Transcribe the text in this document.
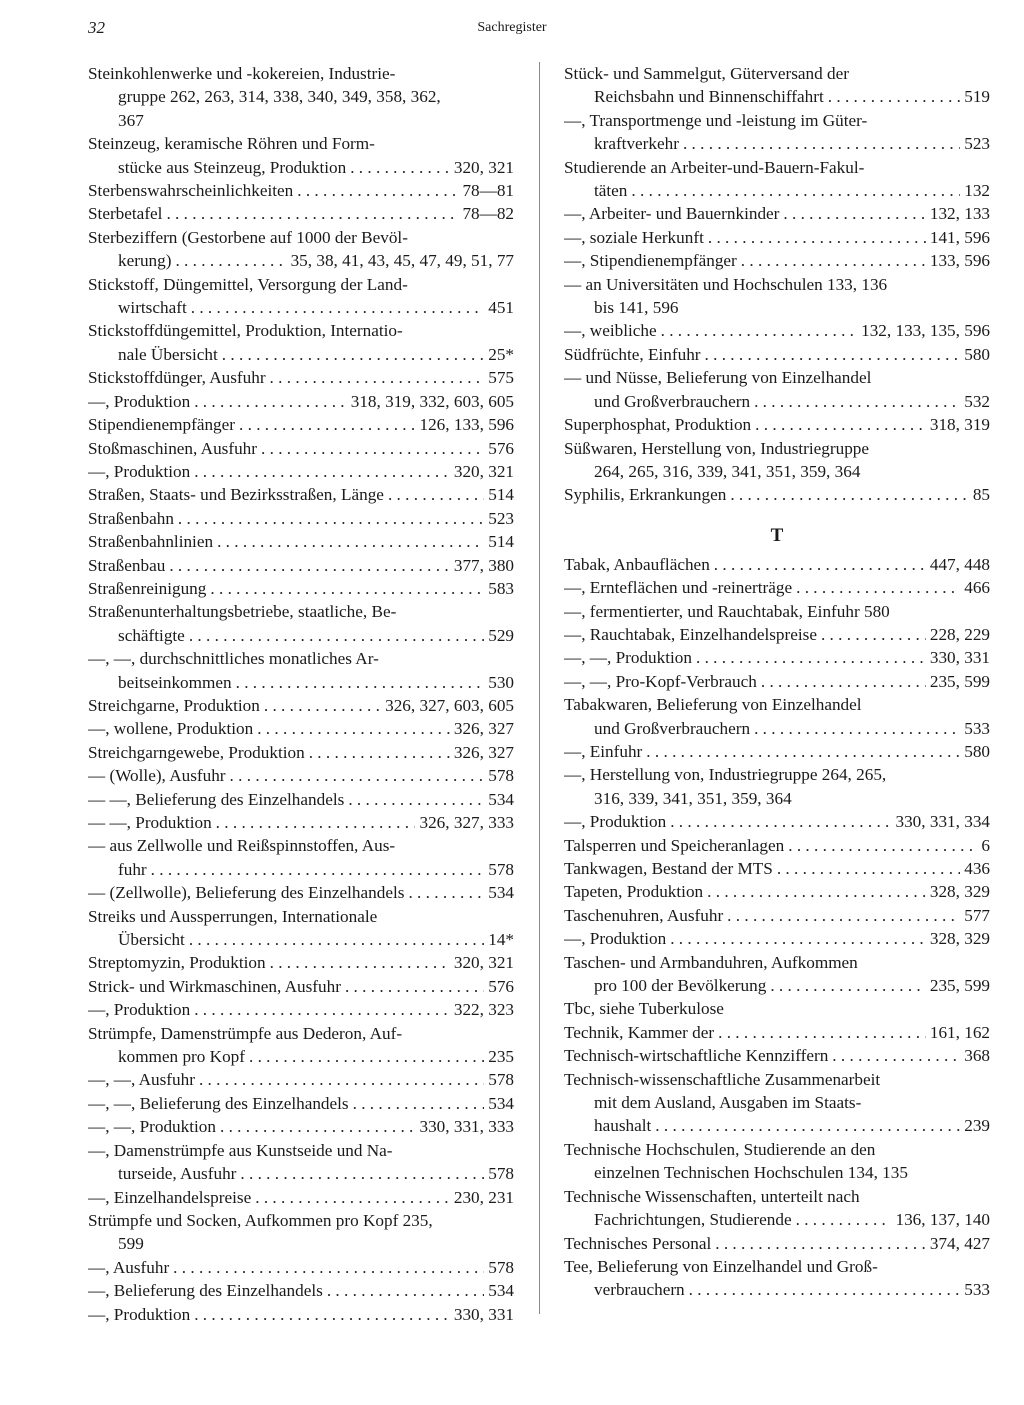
32	Sachregister
Steinkohlenwerke und -kokereien, Industrie-
gruppe 262, 263, 314, 338, 340, 349, 358, 362,
367
Steinzeug, keramische Röhren und Form-
stücke aus Steinzeug, Produktion . . .	320, 321
Sterbenswahrscheinlichkeiten . . .	78—81
Sterbetafel . . .	78—82
Sterbeziffern (Gestorbene auf 1000 der Bevöl-
kerung) . . .	35, 38, 41, 43, 45, 47, 49, 51, 77
Stickstoff, Düngemittel, Versorgung der Land-
wirtschaft . . .	451
Stickstoffdüngemittel, Produktion, Internatio-
nale Übersicht . . .	25*
Stickstoffdünger, Ausfuhr . . .	575
—, Produktion . . .	318, 319, 332, 603, 605
Stipendienempfänger . . .	126, 133, 596
Stoßmaschinen, Ausfuhr . . .	576
—, Produktion . . .	320, 321
Straßen, Staats- und Bezirksstraßen, Länge . . .	514
Straßenbahn . . .	523
Straßenbahnlinien . . .	514
Straßenbau . . .	377, 380
Straßenreinigung . . .	583
Straßenunterhaltungsbetriebe, staatliche, Be-
schäftigte . . .	529
—, —, durchschnittliches monatliches Ar-
beitseinkommen . . .	530
Streichgarne, Produktion . . .	326, 327, 603, 605
—, wollene, Produktion . . .	326, 327
Streichgarngewebe, Produktion . . .	326, 327
— (Wolle), Ausfuhr . . .	578
— —, Belieferung des Einzelhandels . . .	534
— —, Produktion . . .	326, 327, 333
— aus Zellwolle und Reißspinnstoffen, Aus-
fuhr . . .	578
— (Zellwolle), Belieferung des Einzelhandels . . .	534
Streiks und Aussperrungen, Internationale
Übersicht . . .	14*
Streptomyzin, Produktion . . .	320, 321
Strick- und Wirkmaschinen, Ausfuhr . . .	576
—, Produktion . . .	322, 323
Strümpfe, Damenstrümpfe aus Dederon, Auf-
kommen pro Kopf . . .	235
—, —, Ausfuhr . . .	578
—, —, Belieferung des Einzelhandels . . .	534
—, —, Produktion . . .	330, 331, 333
—, Damenstrümpfe aus Kunstseide und Na-
turseide, Ausfuhr . . .	578
—, Einzelhandelspreise . . .	230, 231
Strümpfe und Socken, Aufkommen pro Kopf 235,
599
—, Ausfuhr . . .	578
—, Belieferung des Einzelhandels . . .	534
—, Produktion . . .	330, 331
Stück- und Sammelgut, Güterversand der
Reichsbahn und Binnenschiffahrt . . .	519
—, Transportmenge und -leistung im Güter-
kraftverkehr . . .	523
Studierende an Arbeiter-und-Bauern-Fakul-
täten . . .	132
—, Arbeiter- und Bauernkinder . . .	132, 133
—, soziale Herkunft . . .	141, 596
—, Stipendienempfänger . . .	133, 596
— an Universitäten und Hochschulen 133, 136
bis 141, 596
—, weibliche . . .	132, 133, 135, 596
Südfrüchte, Einfuhr . . .	580
— und Nüsse, Belieferung von Einzelhandel
und Großverbrauchern . . .	532
Superphosphat, Produktion . . .	318, 319
Süßwaren, Herstellung von, Industriegruppe
264, 265, 316, 339, 341, 351, 359, 364
Syphilis, Erkrankungen . . .	85
T
Tabak, Anbauflächen . . .	447, 448
—, Ernteflächen und -reinerträge . . .	466
—, fermentierter, und Rauchtabak, Einfuhr 580
—, Rauchtabak, Einzelhandelspreise . . .	228, 229
—, —, Produktion . . .	330, 331
—, —, Pro-Kopf-Verbrauch . . .	235, 599
Tabakwaren, Belieferung von Einzelhandel
und Großverbrauchern . . .	533
—, Einfuhr . . .	580
—, Herstellung von, Industriegruppe 264, 265,
316, 339, 341, 351, 359, 364
—, Produktion . . .	330, 331, 334
Talsperren und Speicheranlagen . . .	6
Tankwagen, Bestand der MTS . . .	436
Tapeten, Produktion . . .	328, 329
Taschenuhren, Ausfuhr . . .	577
—, Produktion . . .	328, 329
Taschen- und Armbanduhren, Aufkommen
pro 100 der Bevölkerung . . .	235, 599
Tbc, siehe Tuberkulose
Technik, Kammer der . . .	161, 162
Technisch-wirtschaftliche Kennziffern . . .	368
Technisch-wissenschaftliche Zusammenarbeit
mit dem Ausland, Ausgaben im Staats-
haushalt . . .	239
Technische Hochschulen, Studierende an den
einzelnen Technischen Hochschulen 134, 135
Technische Wissenschaften, unterteilt nach
Fachrichtungen, Studierende . . .	136, 137, 140
Technisches Personal . . .	374, 427
Tee, Belieferung von Einzelhandel und Groß-
verbrauchern . . .	533
